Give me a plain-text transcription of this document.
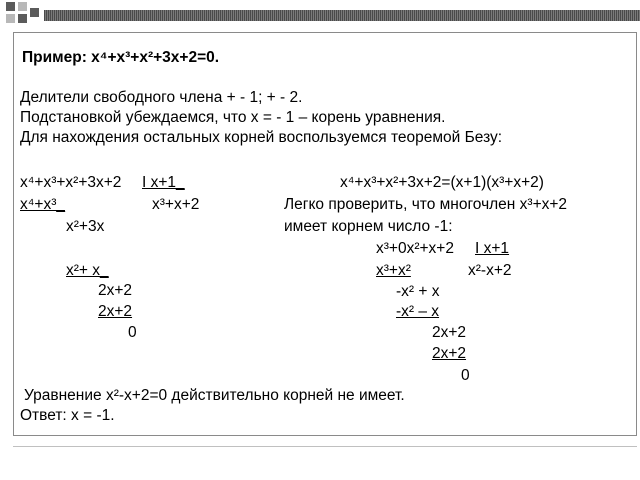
Пример: x⁴+x³+x²+3x+2=0.
Делители свободного члена + - 1; + - 2.
Подстановкой убеждаемся, что x = - 1 – корень уравнения.
Для нахождения остальных корней воспользуемся теоремой Безу:
x⁴+x³+x²+3x+2 I x+1_
x⁴+x³_	x³+x+2
x²+3x
x²+ x_
2x+2
2x+2
0
x⁴+x³+x²+3x+2=(x+1)(x³+x+2)
Легко проверить, что многочлен x³+x+2
имеет корнем число -1:
x³+0x²+x+2 I x+1
x³+x²	x²-x+2
-x² + x
-x² – x
2x+2
2x+2
0
Уравнение x²-x+2=0 действительно корней не имеет.
Ответ: x = -1.
